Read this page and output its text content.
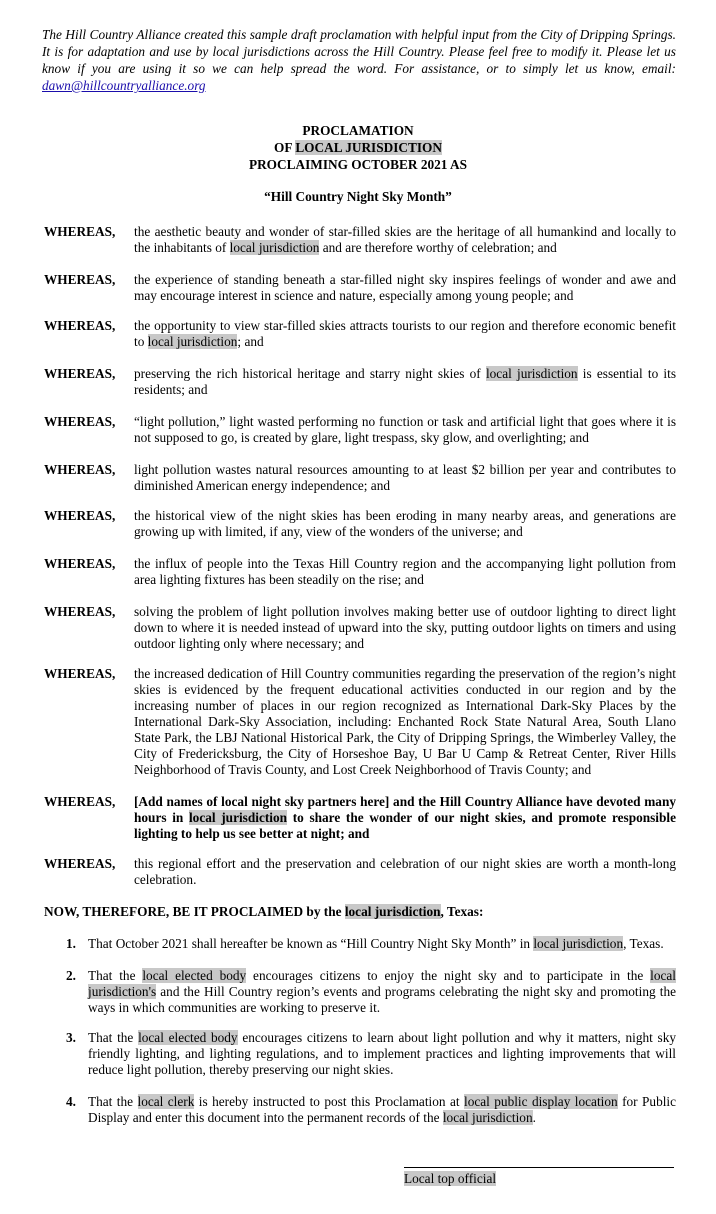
The Hill Country Alliance created this sample draft proclamation with helpful input from the City of Dripping Springs. It is for adaptation and use by local jurisdictions across the Hill Country. Please feel free to modify it. Please let us know if you are using it so we can help spread the word. For assistance, or to simply let us know, email: dawn@hillcountryalliance.org
PROCLAMATION
OF LOCAL JURISDICTION
PROCLAIMING OCTOBER 2021 AS
“Hill Country Night Sky Month”
WHEREAS, the aesthetic beauty and wonder of star-filled skies are the heritage of all humankind and locally to the inhabitants of local jurisdiction and are therefore worthy of celebration; and
WHEREAS, the experience of standing beneath a star-filled night sky inspires feelings of wonder and awe and may encourage interest in science and nature, especially among young people; and
WHEREAS, the opportunity to view star-filled skies attracts tourists to our region and therefore economic benefit to local jurisdiction; and
WHEREAS, preserving the rich historical heritage and starry night skies of local jurisdiction is essential to its residents; and
WHEREAS, “light pollution,” light wasted performing no function or task and artificial light that goes where it is not supposed to go, is created by glare, light trespass, sky glow, and overlighting; and
WHEREAS, light pollution wastes natural resources amounting to at least $2 billion per year and contributes to diminished American energy independence; and
WHEREAS, the historical view of the night skies has been eroding in many nearby areas, and generations are growing up with limited, if any, view of the wonders of the universe; and
WHEREAS, the influx of people into the Texas Hill Country region and the accompanying light pollution from area lighting fixtures has been steadily on the rise; and
WHEREAS, solving the problem of light pollution involves making better use of outdoor lighting to direct light down to where it is needed instead of upward into the sky, putting outdoor lights on timers and using outdoor lighting only where necessary; and
WHEREAS, the increased dedication of Hill Country communities regarding the preservation of the region’s night skies is evidenced by the frequent educational activities conducted in our region and by the increasing number of places in our region recognized as International Dark-Sky Places by the International Dark-Sky Association, including: Enchanted Rock State Natural Area, South Llano State Park, the LBJ National Historical Park, the City of Dripping Springs, the Wimberley Valley, the City of Fredericksburg, the City of Horseshoe Bay, U Bar U Camp & Retreat Center, River Hills Neighborhood of Travis County, and Lost Creek Neighborhood of Travis County; and
WHEREAS, [Add names of local night sky partners here] and the Hill Country Alliance have devoted many hours in local jurisdiction to share the wonder of our night skies, and promote responsible lighting to help us see better at night; and
WHEREAS, this regional effort and the preservation and celebration of our night skies are worth a month-long celebration.
NOW, THEREFORE, BE IT PROCLAIMED by the local jurisdiction, Texas:
1. That October 2021 shall hereafter be known as “Hill Country Night Sky Month” in local jurisdiction, Texas.
2. That the local elected body encourages citizens to enjoy the night sky and to participate in the local jurisdiction's and the Hill Country region’s events and programs celebrating the night sky and promoting the ways in which communities are working to preserve it.
3. That the local elected body encourages citizens to learn about light pollution and why it matters, night sky friendly lighting, and lighting regulations, and to implement practices and lighting improvements that will reduce light pollution, thereby preserving our night skies.
4. That the local clerk is hereby instructed to post this Proclamation at local public display location for Public Display and enter this document into the permanent records of the local jurisdiction.
Local top official
